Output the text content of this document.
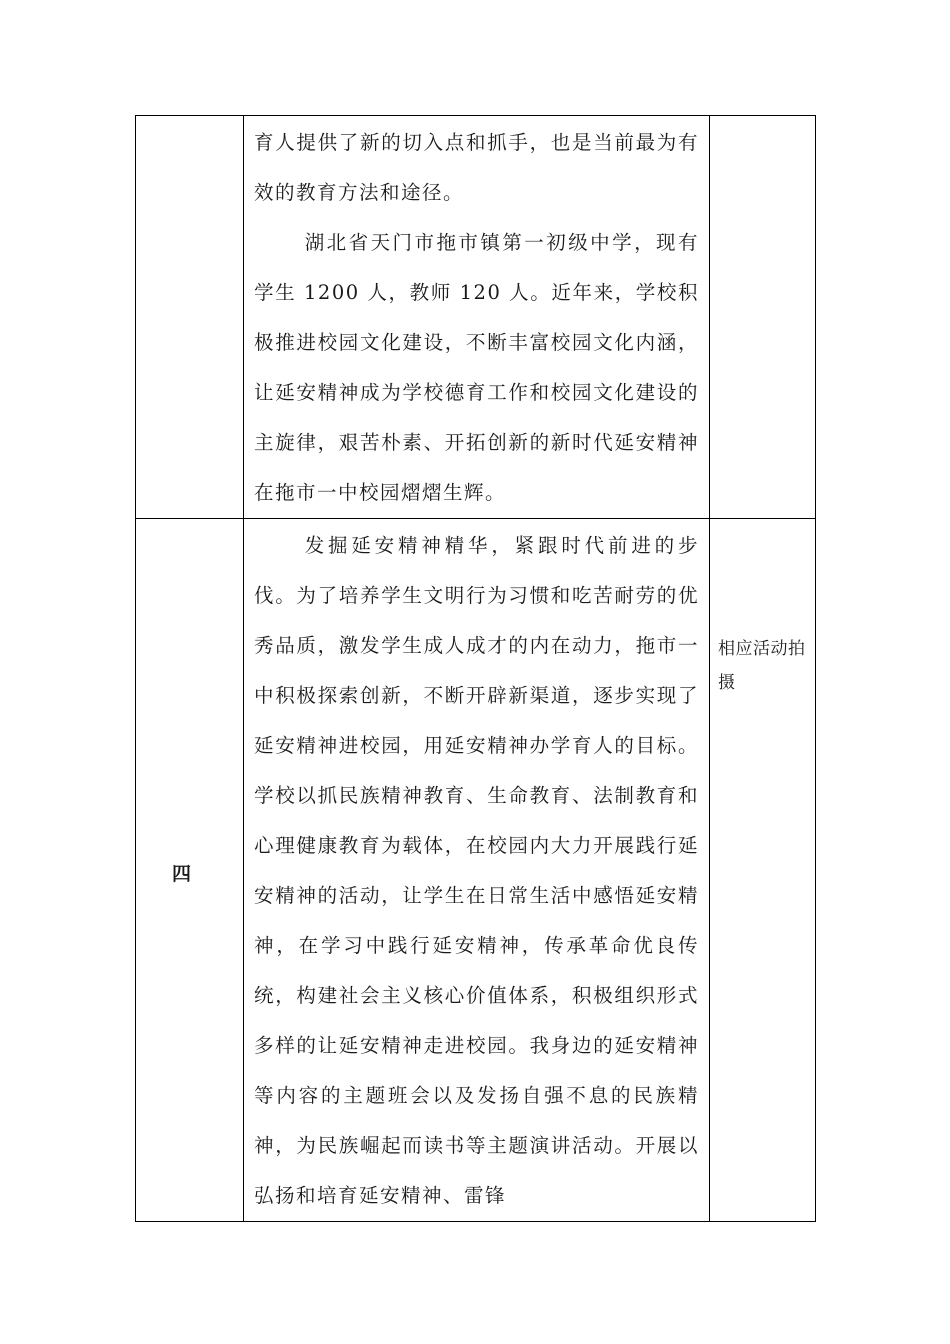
	育人提供了新的切入点和抓手，也是当前最为有效的教育方法和途径。

湖北省天门市拖市镇第一初级中学，现有学生 1200 人，教师 120 人。近年来，学校积极推进校园文化建设，不断丰富校园文化内涵，让延安精神成为学校德育工作和校园文化建设的主旋律，艰苦朴素、开拓创新的新时代延安精神在拖市一中校园熠熠生辉。	

四	发掘延安精神精华，紧跟时代前进的步伐。为了培养学生文明行为习惯和吃苦耐劳的优秀品质，激发学生成人成才的内在动力，拖市一中积极探索创新，不断开辟新渠道，逐步实现了延安精神进校园，用延安精神办学育人的目标。学校以抓民族精神教育、生命教育、法制教育和心理健康教育为载体，在校园内大力开展践行延安精神的活动，让学生在日常生活中感悟延安精神，在学习中践行延安精神，传承革命优良传统，构建社会主义核心价值体系，积极组织形式多样的让延安精神走进校园。我身边的延安精神等内容的主题班会以及发扬自强不息的民族精神，为民族崛起而读书等主题演讲活动。开展以弘扬和培育延安精神、雷锋	相应活动拍摄
